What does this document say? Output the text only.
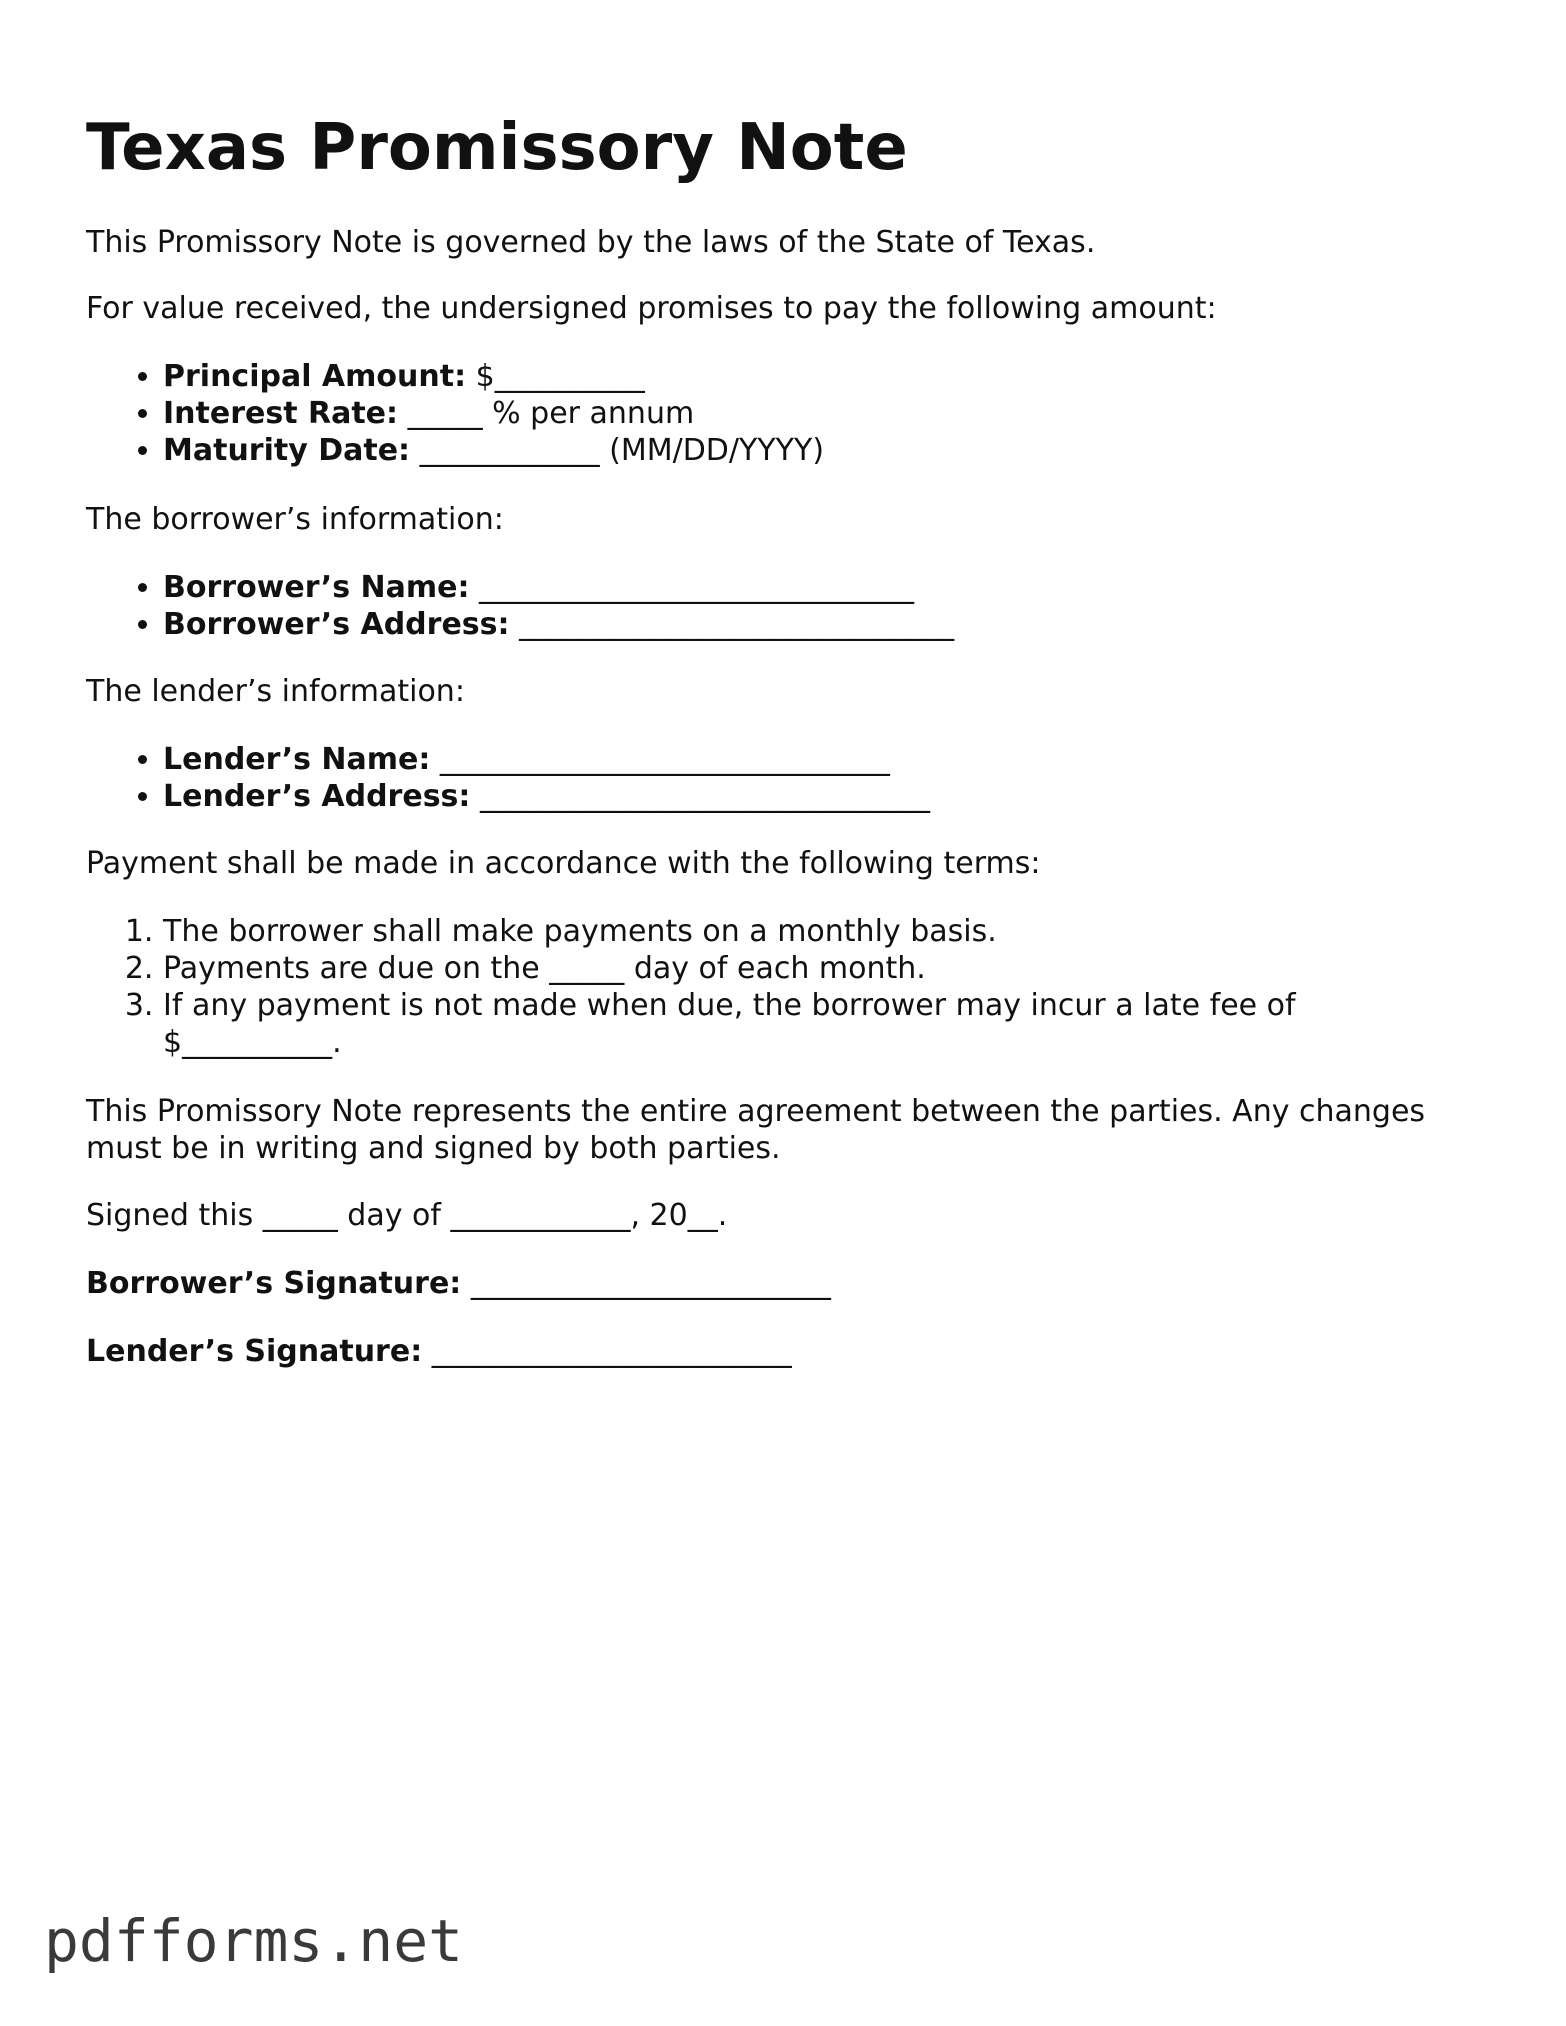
Texas Promissory Note

This Promissory Note is governed by the laws of the State of Texas.

For value received, the undersigned promises to pay the following amount:

• Principal Amount: $__________
• Interest Rate: _____ % per annum
• Maturity Date: ____________ (MM/DD/YYYY)

The borrower’s information:

• Borrower’s Name: _____________________________
• Borrower’s Address: _____________________________

The lender’s information:

• Lender’s Name: ______________________________
• Lender’s Address: ______________________________

Payment shall be made in accordance with the following terms:

1. The borrower shall make payments on a monthly basis.
2. Payments are due on the _____ day of each month.
3. If any payment is not made when due, the borrower may incur a late fee of $__________.

This Promissory Note represents the entire agreement between the parties. Any changes must be in writing and signed by both parties.

Signed this _____ day of ____________, 20__.

Borrower’s Signature: ________________________

Lender’s Signature: ________________________

pdfforms.net
